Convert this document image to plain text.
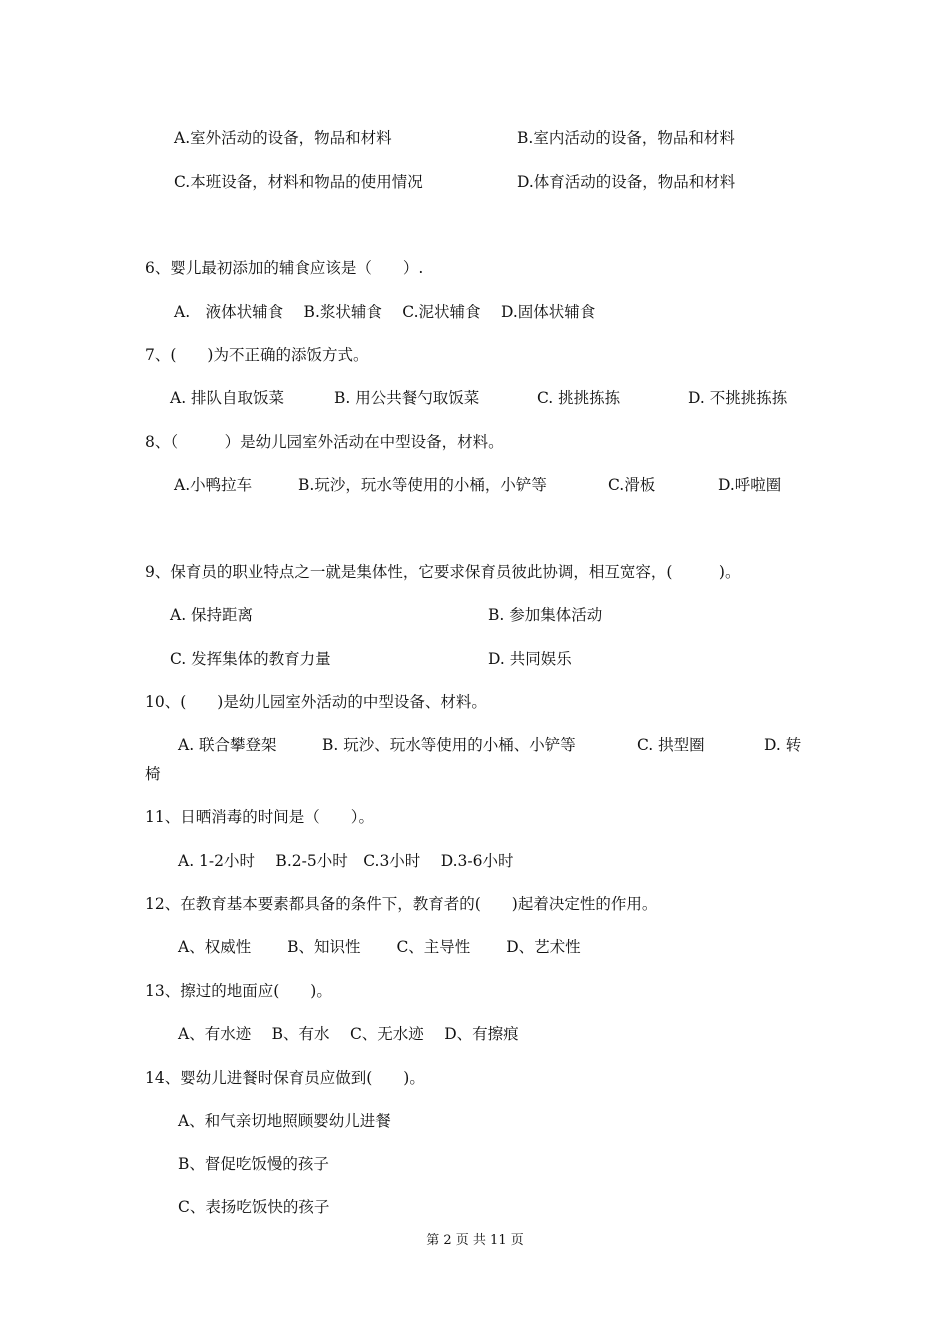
A.室外活动的设备，物品和材料	B.室内活动的设备，物品和材料
C.本班设备，材料和物品的使用情况	D.体育活动的设备，物品和材料
6、婴儿最初添加的辅食应该是（　　）.
A.　液体状辅食　 B.浆状辅食　 C.泥状辅食　 D.固体状辅食
7、(　　)为不正确的添饭方式。
A. 排队自取饭菜	B. 用公共餐勺取饭菜	C. 挑挑拣拣	D. 不挑挑拣拣
8、（　　　）是幼儿园室外活动在中型设备，材料。
A.小鸭拉车	B.玩沙，玩水等使用的小桶，小铲等	C.滑板	D.呼啦圈
9、保育员的职业特点之一就是集体性，它要求保育员彼此协调，相互宽容，(　　　)。
A. 保持距离	B. 参加集体活动
C. 发挥集体的教育力量	D. 共同娱乐
10、(　　)是幼儿园室外活动的中型设备、材料。
A. 联合攀登架	B. 玩沙、玩水等使用的小桶、小铲等	C. 拱型圈	D. 转
椅
11、日晒消毒的时间是（　　）。
A. 1-2小时　 B.2-5小时　C.3小时　 D.3-6小时
12、在教育基本要素都具备的条件下，教育者的(　　)起着决定性的作用。
A、权威性　　 B、知识性　　 C、主导性　　 D、艺术性
13、擦过的地面应(　　)。
A、有水迹　 B、有水　 C、无水迹　 D、有擦痕
14、婴幼儿进餐时保育员应做到(　　)。
A、和气亲切地照顾婴幼儿进餐
B、督促吃饭慢的孩子
C、表扬吃饭快的孩子
第 2 页 共 11 页
